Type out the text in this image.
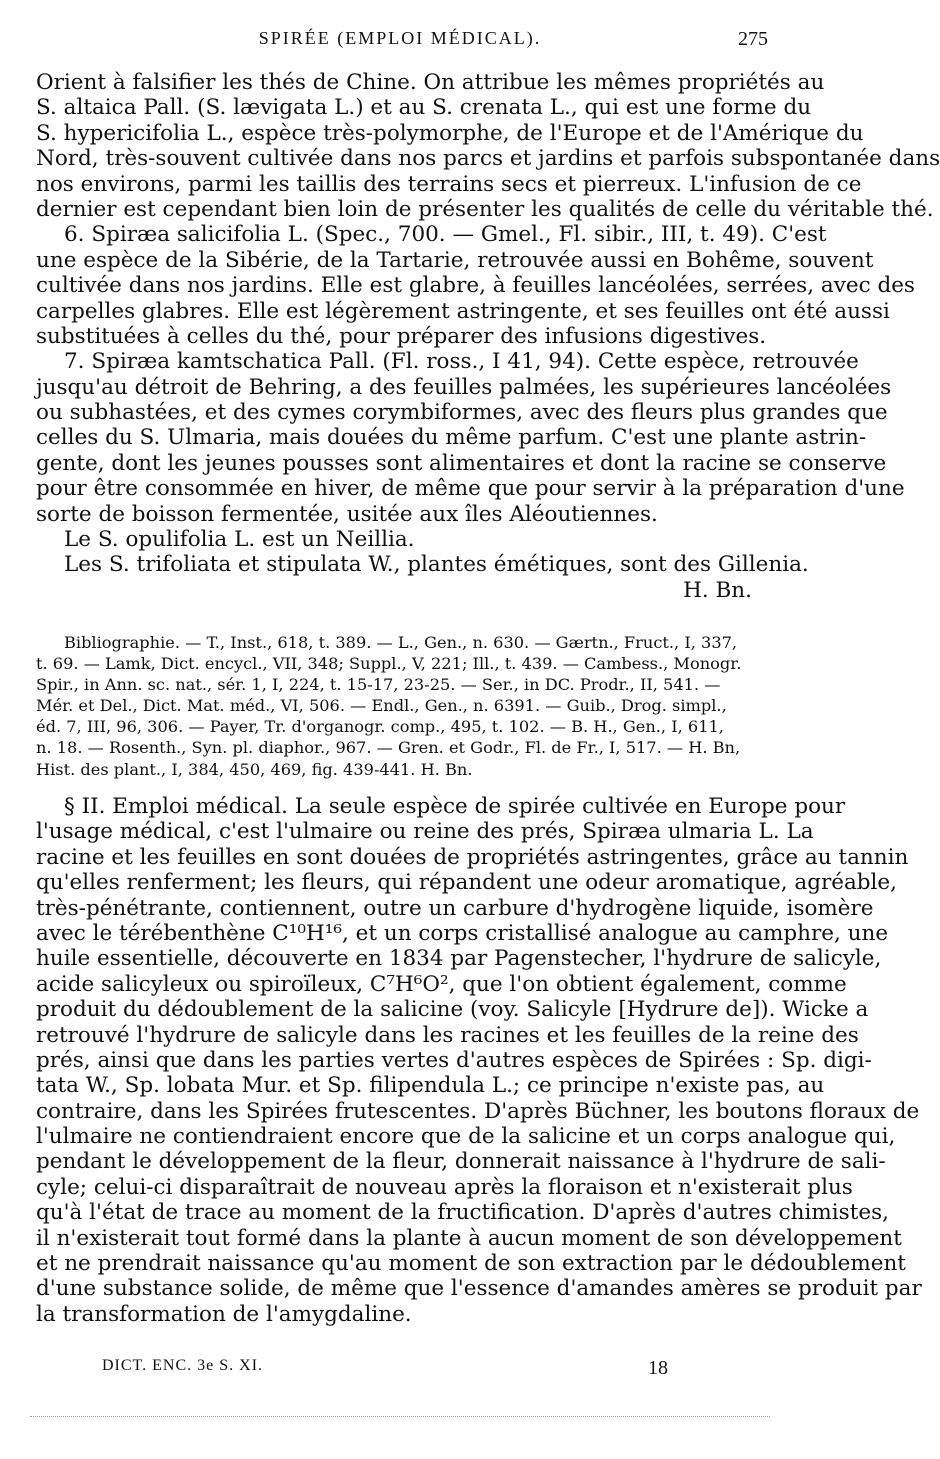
SPIRÉE (EMPLOI MÉDICAL).	275
Orient à falsifier les thés de Chine. On attribue les mêmes propriétés au
S. altaica Pall. (S. lævigata L.) et au S. crenata L., qui est une forme du
S. hypericifolia L., espèce très-polymorphe, de l'Europe et de l'Amérique du
Nord, très-souvent cultivée dans nos parcs et jardins et parfois subspontanée dans
nos environs, parmi les taillis des terrains secs et pierreux. L'infusion de ce
dernier est cependant bien loin de présenter les qualités de celle du véritable thé.
6. Spiræa salicifolia L. (Spec., 700. — Gmel., Fl. sibir., III, t. 49). C'est
une espèce de la Sibérie, de la Tartarie, retrouvée aussi en Bohême, souvent
cultivée dans nos jardins. Elle est glabre, à feuilles lancéolées, serrées, avec des
carpelles glabres. Elle est légèrement astringente, et ses feuilles ont été aussi
substituées à celles du thé, pour préparer des infusions digestives.
7. Spiræa kamtschatica Pall. (Fl. ross., I 41, 94). Cette espèce, retrouvée
jusqu'au détroit de Behring, a des feuilles palmées, les supérieures lancéolées
ou subhastées, et des cymes corymbiformes, avec des fleurs plus grandes que
celles du S. Ulmaria, mais douées du même parfum. C'est une plante astrin-
gente, dont les jeunes pousses sont alimentaires et dont la racine se conserve
pour être consommée en hiver, de même que pour servir à la préparation d'une
sorte de boisson fermentée, usitée aux îles Aléoutiennes.
Le S. opulifolia L. est un Neillia.
Les S. trifoliata et stipulata W., plantes émétiques, sont des Gillenia.
H. Bn.
Bibliographie. — T., Inst., 618, t. 389. — L., Gen., n. 630. — Gærtn., Fruct., I, 337,
t. 69. — Lamk, Dict. encycl., VII, 348; Suppl., V, 221; Ill., t. 439. — Cambess., Monogr.
Spir., in Ann. sc. nat., sér. 1, I, 224, t. 15-17, 23-25. — Ser., in DC. Prodr., II, 541. —
Mér. et Del., Dict. Mat. méd., VI, 506. — Endl., Gen., n. 6391. — Guib., Drog. simpl.,
éd. 7, III, 96, 306. — Payer, Tr. d'organogr. comp., 495, t. 102. — B. H., Gen., I, 611,
n. 18. — Rosenth., Syn. pl. diaphor., 967. — Gren. et Godr., Fl. de Fr., I, 517. — H. Bn,
Hist. des plant., I, 384, 450, 469, fig. 439-441. H. Bn.
§ II. Emploi médical. La seule espèce de spirée cultivée en Europe pour
l'usage médical, c'est l'ulmaire ou reine des prés, Spiræa ulmaria L. La
racine et les feuilles en sont douées de propriétés astringentes, grâce au tannin
qu'elles renferment; les fleurs, qui répandent une odeur aromatique, agréable,
très-pénétrante, contiennent, outre un carbure d'hydrogène liquide, isomère
avec le térébenthène C¹⁰H¹⁶, et un corps cristallisé analogue au camphre, une
huile essentielle, découverte en 1834 par Pagenstecher, l'hydrure de salicyle,
acide salicyleux ou spiroïleux, C⁷H⁶O², que l'on obtient également, comme
produit du dédoublement de la salicine (voy. Salicyle [Hydrure de]). Wicke a
retrouvé l'hydrure de salicyle dans les racines et les feuilles de la reine des
prés, ainsi que dans les parties vertes d'autres espèces de Spirées : Sp. digi-
tata W., Sp. lobata Mur. et Sp. filipendula L.; ce principe n'existe pas, au
contraire, dans les Spirées frutescentes. D'après Büchner, les boutons floraux de
l'ulmaire ne contiendraient encore que de la salicine et un corps analogue qui,
pendant le développement de la fleur, donnerait naissance à l'hydrure de sali-
cyle; celui-ci disparaîtrait de nouveau après la floraison et n'existerait plus
qu'à l'état de trace au moment de la fructification. D'après d'autres chimistes,
il n'existerait tout formé dans la plante à aucun moment de son développement
et ne prendrait naissance qu'au moment de son extraction par le dédoublement
d'une substance solide, de même que l'essence d'amandes amères se produit par
la transformation de l'amygdaline.
DICT. ENC. 3e S. XI.	18
